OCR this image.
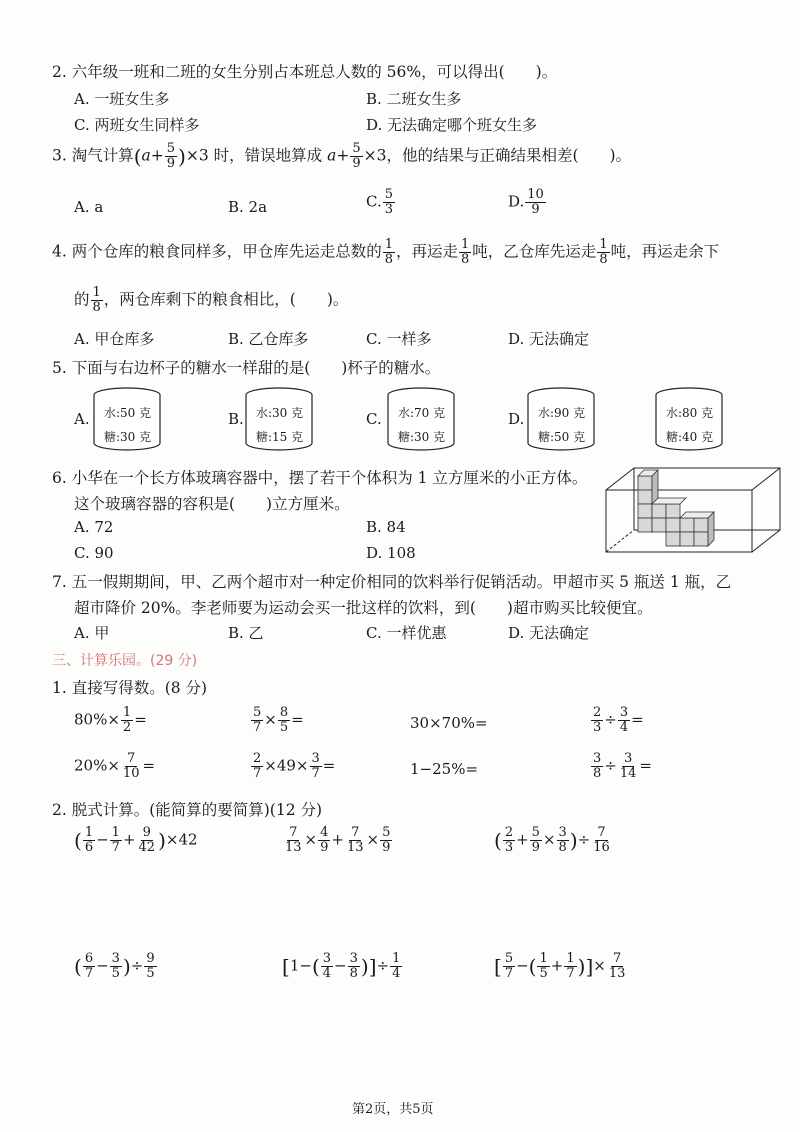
2. 六年级一班和二班的女生分别占本班总人数的 56%，可以得出(　　)。
A. 一班女生多	B. 二班女生多
C. 两班女生同样多	D. 无法确定哪个班女生多
3. 淘气计算$(a+ \frac{5}{9} )\times 3$ 时，错误地算成 $a+ \frac{5}{9} \times 3$，他的结果与正确结果相差(　　)。
A. a	B. 2a	C. $\frac{5}{3}$	D. $\frac{10}{9}$
4. 两个仓库的粮食同样多，甲仓库先运走总数的 $\frac{1}{8}$ ，再运走 $\frac{1}{8}$ 吨，乙仓库先运走 $\frac{1}{8}$ 吨，再运走余下
的 $\frac{1}{8}$ ，两仓库剩下的粮食相比，(　　)。
A. 甲仓库多	B. 乙仓库多	C. 一样多	D. 无法确定
5. 下面与右边杯子的糖水一样甜的是(　　)杯子的糖水。
A. 水:50 克
糖:30 克
B. 水:30 克
糖:15 克
C. 水:70 克
糖:30 克
D. 水:90 克
糖:50 克
水:80 克
糖:40 克
6. 小华在一个长方体玻璃容器中，摆了若干个体积为 1 立方厘米的小正方体。
这个玻璃容器的容积是(　　)立方厘米。
A. 72	B. 84
C. 90	D. 108
7. 五一假期期间，甲、乙两个超市对一种定价相同的饮料举行促销活动。甲超市买 5 瓶送 1 瓶，乙
超市降价 20%。李老师要为运动会买一批这样的饮料，到(　　)超市购买比较便宜。
A. 甲	B. 乙	C. 一样优惠	D. 无法确定
三、计算乐园。(29 分)
1. 直接写得数。(8 分)
$80\%\times \frac{1}{2}$ =	$\frac{5}{7} \times \frac{8}{5}$ =	30×70%=	$\frac{2}{3} \div \frac{3}{4}$ =
$20\%\times \frac{7}{10}$ =	$\frac{2}{7} \times 49\times \frac{3}{7}$ =	1−25%=	$\frac{3}{8} \div \frac{3}{14}$ =
2. 脱式计算。(能简算的要简算)(12 分)
( $\frac{1}{6} - \frac{1}{7} + \frac{9}{42} )\times 42$	$\frac{7}{13} \times \frac{4}{9} + \frac{7}{13} \times \frac{5}{9}$	( $\frac{2}{3} + \frac{5}{9} \times \frac{3}{8}$ )÷ $\frac{7}{16}$
( $\frac{6}{7} - \frac{3}{5}$ )÷ $\frac{9}{5}$	[$1-( \frac{3}{4} - \frac{3}{8}$ )]÷ $\frac{1}{4}$	[ $\frac{5}{7}$ −( $\frac{1}{5} + \frac{1}{7}$ )]× $\frac{7}{13}$
第2页，共5页
